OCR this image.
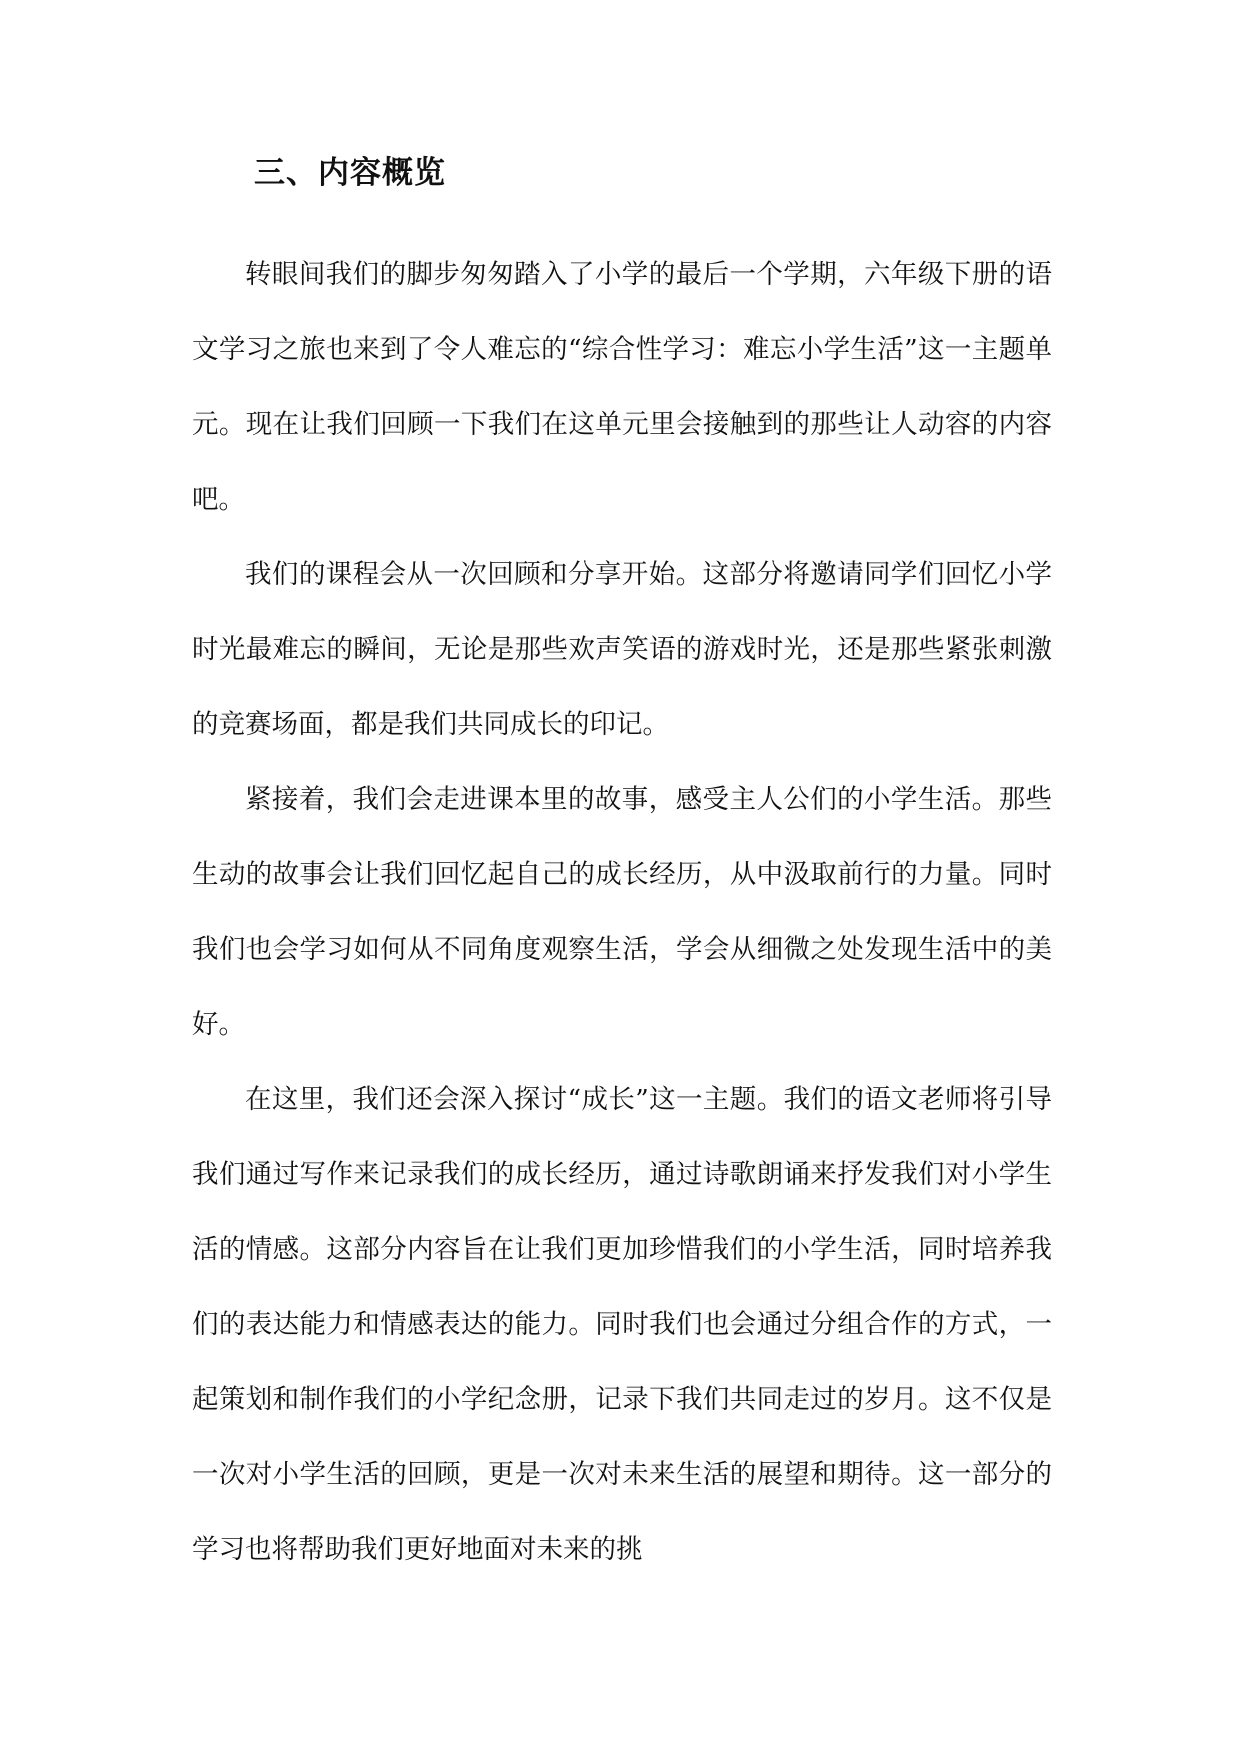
三、内容概览

转眼间我们的脚步匆匆踏入了小学的最后一个学期，六年级下册的语文学习之旅也来到了令人难忘的“综合性学习：难忘小学生活”这一主题单元。现在让我们回顾一下我们在这单元里会接触到的那些让人动容的内容吧。

我们的课程会从一次回顾和分享开始。这部分将邀请同学们回忆小学时光最难忘的瞬间，无论是那些欢声笑语的游戏时光，还是那些紧张刺激的竞赛场面，都是我们共同成长的印记。

紧接着，我们会走进课本里的故事，感受主人公们的小学生活。那些生动的故事会让我们回忆起自己的成长经历，从中汲取前行的力量。同时我们也会学习如何从不同角度观察生活，学会从细微之处发现生活中的美好。

在这里，我们还会深入探讨“成长”这一主题。我们的语文老师将引导我们通过写作来记录我们的成长经历，通过诗歌朗诵来抒发我们对小学生活的情感。这部分内容旨在让我们更加珍惜我们的小学生活，同时培养我们的表达能力和情感表达的能力。同时我们也会通过分组合作的方式，一起策划和制作我们的小学纪念册，记录下我们共同走过的岁月。这不仅是一次对小学生活的回顾，更是一次对未来生活的展望和期待。这一部分的学习也将帮助我们更好地面对未来的挑
